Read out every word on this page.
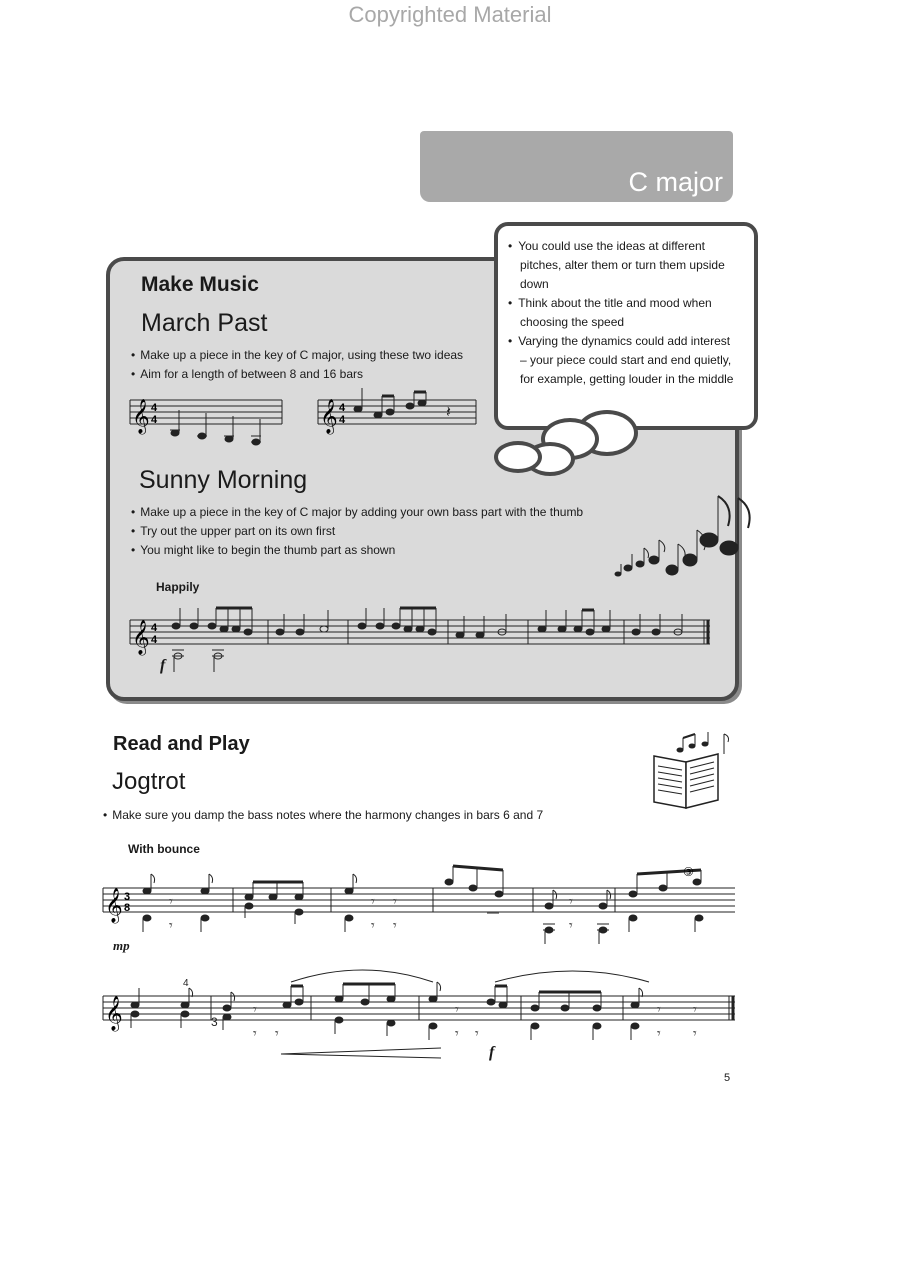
Copyrighted Material
C major
Make Music
March Past
• Make up a piece in the key of C major, using these two ideas
• Aim for a length of between 8 and 16 bars
𝄞 4
4	𝄞 4
4	𝄽
Sunny Morning
• Make up a piece in the key of C major by adding your own bass part with the thumb
• Try out the upper part on its own first
• You might like to begin the thumb part as shown
Happily
𝄞 4
4
f
• You could use the ideas at different pitches, alter them or turn them upside down
• Think about the title and mood when choosing the speed
• Varying the dynamics could add interest – your piece could start and end quietly, for example, getting louder in the middle
Read and Play
Jogtrot
• Make sure you damp the bass notes where the harmony changes in bars 6 and 7
With bounce
𝄞 3
8	𝄾
𝄾
𝄾 𝄾
𝄾 𝄾
𝄾
𝄾
—
③
mp
𝄞	𝄾
𝄾 𝄾
𝄾
𝄾 𝄾
𝄾 𝄾
𝄾 𝄾
3
4
f
5
